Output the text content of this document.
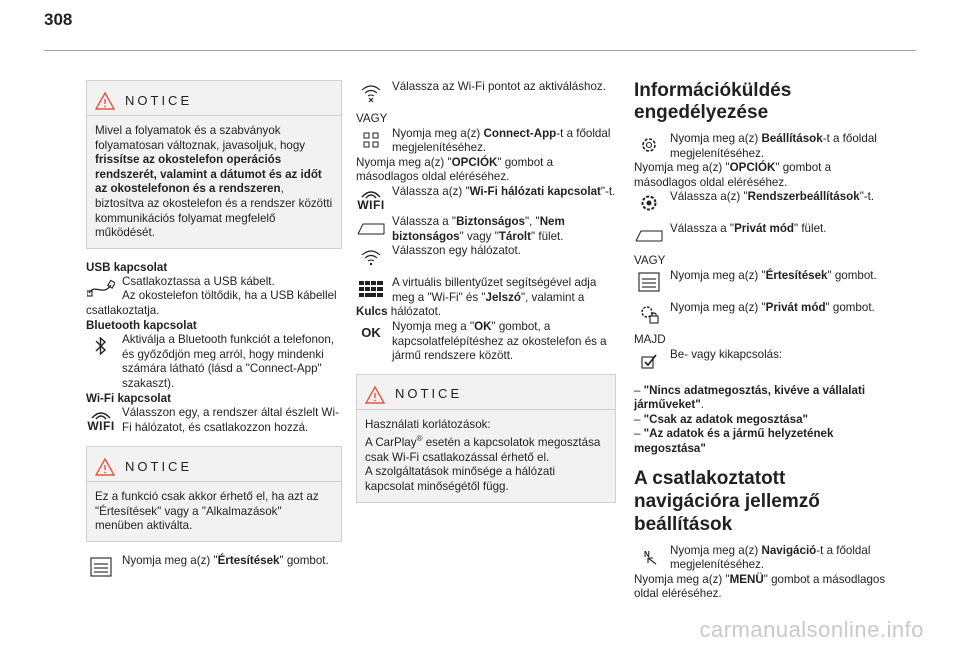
308
NOTICE

Mivel a folyamatok és a szabványok folyamatosan változnak, javasoljuk, hogy frissítse az okostelefon operációs rendszerét, valamint a dátumot és az időt az okostelefonon és a rendszeren, biztosítva az okostelefon és a rendszer közötti kommunikációs folyamat megfelelő működését.

USB kapcsolat
Csatlakoztassa a USB kábelt.

Az okostelefon töltődik, ha a USB kábellel csatlakoztatja.

Bluetooth kapcsolat
Aktiválja a Bluetooth funkciót a telefonon, és győződjön meg arról, hogy mindenki számára látható (lásd a "Connect-App" szakaszt).
Wi-Fi kapcsolat
WIFI
Válasszon egy, a rendszer által észlelt Wi-Fi hálózatot, és csatlakozzon hozzá.
NOTICE

Ez a funkció csak akkor érhető el, ha azt az "Értesítések" vagy a "Alkalmazások" menüben aktiválta.

Nyomja meg a(z) "Értesítések" gombot.
Válassza az Wi-Fi pontot az aktiváláshoz.

VAGY

Nyomja meg a(z) Connect-App-t a főoldal megjelenítéséhez.

Nyomja meg a(z) "OPCIÓK" gombot a másodlagos oldal eléréséhez.

WIFI
Válassza a(z) "Wi-Fi hálózati kapcsolat"-t.
Válassza a "Biztonságos", "Nem biztonságos" vagy "Tárolt" fület.
Válasszon egy hálózatot.
A virtuális billentyűzet segítségével adja meg a "Wi-Fi" és "Jelszó", valamint a

Kulcs hálózatot.

OK Nyomja meg a "OK" gombot, a kapcsolatfelépítéshez az okostelefon és a jármű rendszere között.
NOTICE

Használati korlátozások:

A CarPlay® esetén a kapcsolatok megosztása csak Wi-Fi csatlakozással érhető el.

A szolgáltatások minősége a hálózati kapcsolat minőségétől függ.

Információküldés engedélyezése
Nyomja meg a(z) Beállítások-t a főoldal megjelenítéséhez.

Nyomja meg a(z) "OPCIÓK" gombot a másodlagos oldal eléréséhez.

Válassza a(z) "Rendszerbeállítások"-t.
Válassza a "Privát mód" fület.

VAGY

Nyomja meg a(z) "Értesítések" gombot.
Nyomja meg a(z) "Privát mód" gombot.

MAJD

Be- vagy kikapcsolás:

– "Nincs adatmegosztás, kivéve a vállalati járműveket".

– "Csak az adatok megosztása"

– "Az adatok és a jármű helyzetének megosztása"

A csatlakoztatott navigációra jellemző beállítások
N Nyomja meg a(z) Navigáció-t a főoldal megjelenítéséhez.

Nyomja meg a(z) "MENÜ" gombot a másodlagos oldal eléréséhez.

carmanualsonline.info
